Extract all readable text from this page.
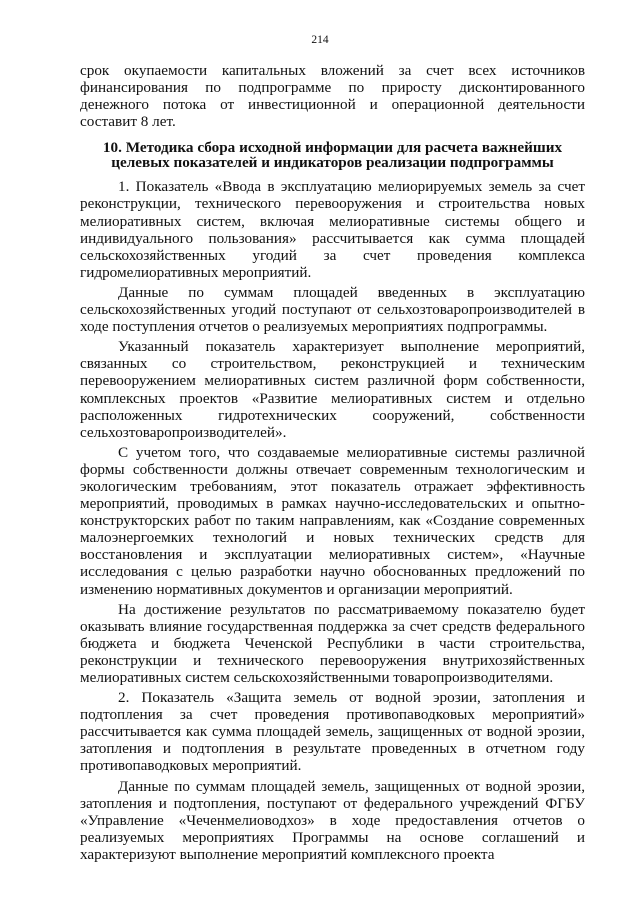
214

срок окупаемости капитальных вложений за счет всех источников финансирования по подпрограмме по приросту дисконтированного денежного потока от инвестиционной и операционной деятельности составит 8 лет.

10. Методика сбора исходной информации для расчета важнейших целевых показателей и индикаторов реализации подпрограммы

1. Показатель «Ввода в эксплуатацию мелиорируемых земель за счет реконструкции, технического перевооружения и строительства новых мелиоративных систем, включая мелиоративные системы общего и индивидуального пользования» рассчитывается как сумма площадей сельскохозяйственных угодий за счет проведения комплекса гидромелиоративных мероприятий.

Данные по суммам площадей введенных в эксплуатацию сельскохозяйственных угодий поступают от сельхозтоваропроизводителей в ходе поступления отчетов о реализуемых мероприятиях подпрограммы.

Указанный показатель характеризует выполнение мероприятий, связанных со строительством, реконструкцией и техническим перевооружением мелиоративных систем различной форм собственности, комплексных проектов «Развитие мелиоративных систем и отдельно расположенных гидротехнических сооружений, собственности сельхозтоваропроизводителей».

С учетом того, что создаваемые мелиоративные системы различной формы собственности должны отвечает современным технологическим и экологическим требованиям, этот показатель отражает эффективность мероприятий, проводимых в рамках научно-исследовательских и опытно-конструкторских работ по таким направлениям, как «Создание современных малоэнергоемких технологий и новых технических средств для восстановления и эксплуатации мелиоративных систем», «Научные исследования с целью разработки научно обоснованных предложений по изменению нормативных документов и организации мероприятий.

На достижение результатов по рассматриваемому показателю будет оказывать влияние государственная поддержка за счет средств федерального бюджета и бюджета Чеченской Республики в части строительства, реконструкции и технического перевооружения внутрихозяйственных мелиоративных систем сельскохозяйственными товаропроизводителями.

2. Показатель «Защита земель от водной эрозии, затопления и подтопления за счет проведения противопаводковых мероприятий» рассчитывается как сумма площадей земель, защищенных от водной эрозии, затопления и подтопления в результате проведенных в отчетном году противопаводковых мероприятий.

Данные по суммам площадей земель, защищенных от водной эрозии, затопления и подтопления, поступают от федерального учреждений ФГБУ «Управление «Чеченмелиоводхоз» в ходе предоставления отчетов о реализуемых мероприятиях Программы на основе соглашений и характеризуют выполнение мероприятий комплексного проекта
